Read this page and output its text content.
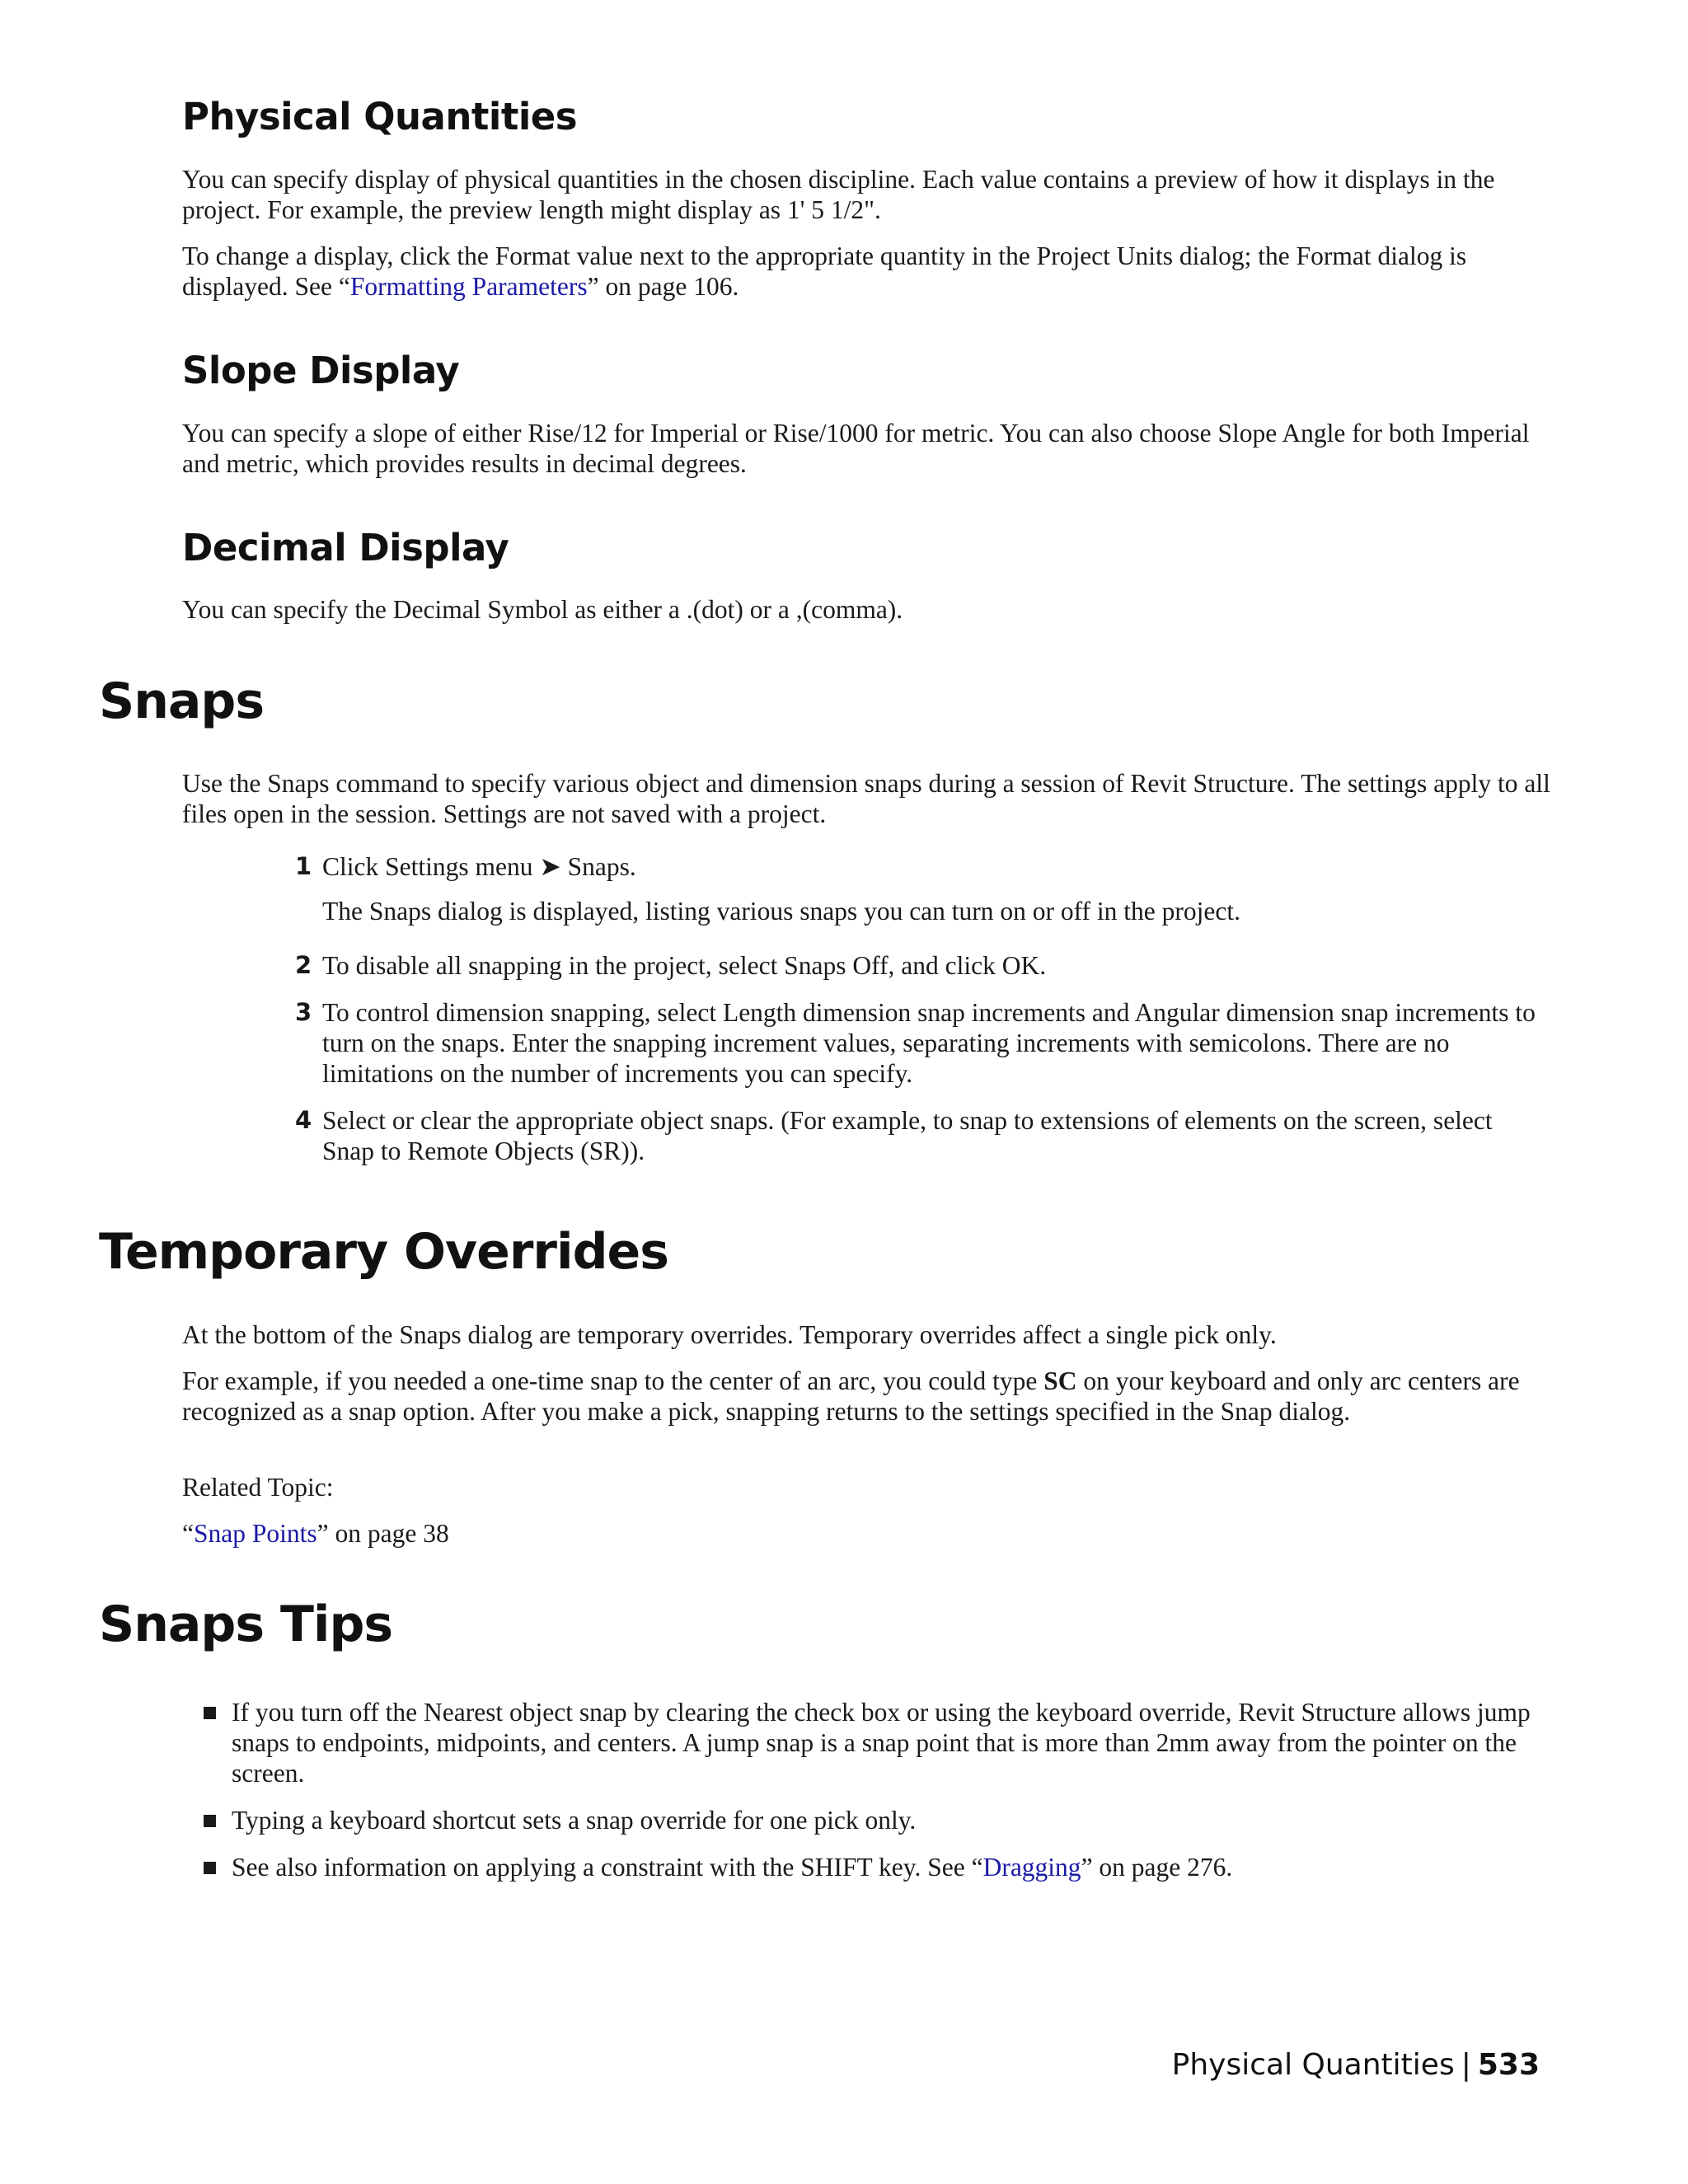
Physical Quantities

You can specify display of physical quantities in the chosen discipline. Each value contains a preview of how it displays in the project. For example, the preview length might display as 1' 5 1/2".

To change a display, click the Format value next to the appropriate quantity in the Project Units dialog; the Format dialog is displayed. See “Formatting Parameters” on page 106.

Slope Display

You can specify a slope of either Rise/12 for Imperial or Rise/1000 for metric. You can also choose Slope Angle for both Imperial and metric, which provides results in decimal degrees.

Decimal Display

You can specify the Decimal Symbol as either a .(dot) or a ,(comma).

Snaps

Use the Snaps command to specify various object and dimension snaps during a session of Revit Structure. The settings apply to all files open in the session. Settings are not saved with a project.

1 Click Settings menu ➤ Snaps.
The Snaps dialog is displayed, listing various snaps you can turn on or off in the project.
2 To disable all snapping in the project, select Snaps Off, and click OK.
3 To control dimension snapping, select Length dimension snap increments and Angular dimension snap increments to turn on the snaps. Enter the snapping increment values, separating increments with semicolons. There are no limitations on the number of increments you can specify.
4 Select or clear the appropriate object snaps. (For example, to snap to extensions of elements on the screen, select Snap to Remote Objects (SR)).
Temporary Overrides

At the bottom of the Snaps dialog are temporary overrides. Temporary overrides affect a single pick only.

For example, if you needed a one-time snap to the center of an arc, you could type SC on your keyboard and only arc centers are recognized as a snap option. After you make a pick, snapping returns to the settings specified in the Snap dialog.

Related Topic:

“Snap Points” on page 38

Snaps Tips
If you turn off the Nearest object snap by clearing the check box or using the keyboard override, Revit Structure allows jump snaps to endpoints, midpoints, and centers. A jump snap is a snap point that is more than 2mm away from the pointer on the screen.
Typing a keyboard shortcut sets a snap override for one pick only.
See also information on applying a constraint with the SHIFT key. See “Dragging” on page 276.
Physical Quantities | 533
